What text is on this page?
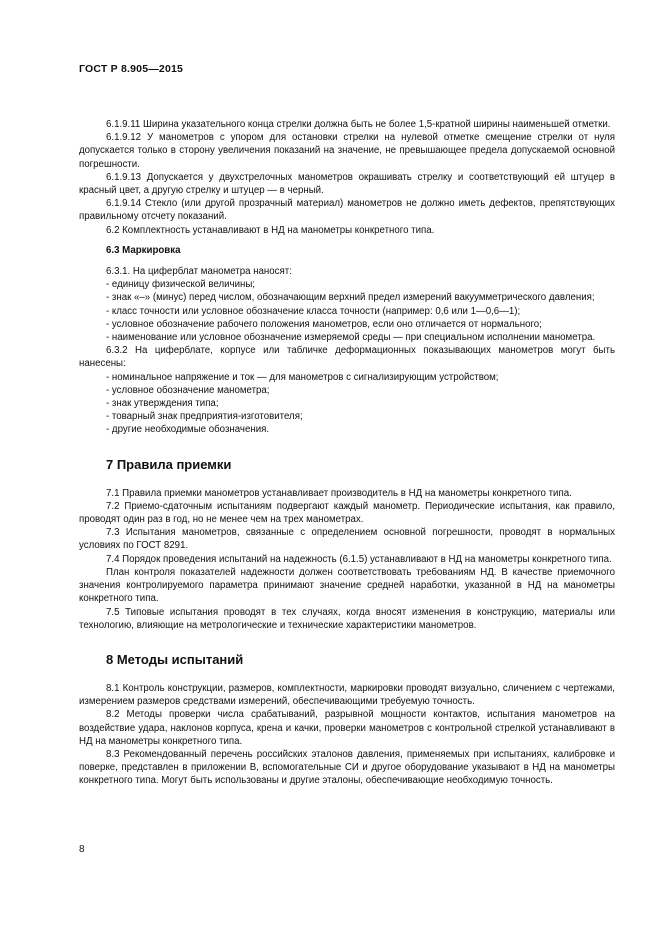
ГОСТ Р 8.905—2015

6.1.9.11 Ширина указательного конца стрелки должна быть не более 1,5-кратной ширины наименьшей отметки.

6.1.9.12 У манометров с упором для остановки стрелки на нулевой отметке смещение стрелки от нуля допускается только в сторону увеличения показаний на значение, не превышающее предела допускаемой основной погрешности.

6.1.9.13 Допускается у двухстрелочных манометров окрашивать стрелку и соответствующий ей штуцер в красный цвет, а другую стрелку и штуцер — в черный.

6.1.9.14 Стекло (или другой прозрачный материал) манометров не должно иметь дефектов, препятствующих правильному отсчету показаний.

6.2 Комплектность устанавливают в НД на манометры конкретного типа.

6.3 Маркировка

6.3.1. На циферблат манометра наносят:

- единицу физической величины;

- знак «–» (минус) перед числом, обозначающим верхний предел измерений вакуумметрического давления;

- класс точности или условное обозначение класса точности (например: 0,6 или 1—0,6—1);

- условное обозначение рабочего положения манометров, если оно отличается от нормального;

- наименование или условное обозначение измеряемой среды — при специальном исполнении манометра.

6.3.2 На циферблате, корпусе или табличке деформационных показывающих манометров могут быть нанесены:

- номинальное напряжение и ток — для манометров с сигнализирующим устройством;

- условное обозначение манометра;

- знак утверждения типа;

- товарный знак предприятия-изготовителя;

- другие необходимые обозначения.

7 Правила приемки

7.1 Правила приемки манометров устанавливает производитель в НД на манометры конкретного типа.

7.2 Приемо-сдаточным испытаниям подвергают каждый манометр. Периодические испытания, как правило, проводят один раз в год, но не менее чем на трех манометрах.

7.3 Испытания манометров, связанные с определением основной погрешности, проводят в нормальных условиях по ГОСТ 8291.

7.4 Порядок проведения испытаний на надежность (6.1.5) устанавливают в НД на манометры конкретного типа.

План контроля показателей надежности должен соответствовать требованиям НД. В качестве приемочного значения контролируемого параметра принимают значение средней наработки, указанной в НД на манометры конкретного типа.

7.5 Типовые испытания проводят в тех случаях, когда вносят изменения в конструкцию, материалы или технологию, влияющие на метрологические и технические характеристики манометров.

8 Методы испытаний

8.1 Контроль конструкции, размеров, комплектности, маркировки проводят визуально, сличением с чертежами, измерением размеров средствами измерений, обеспечивающими требуемую точность.

8.2 Методы проверки числа срабатываний, разрывной мощности контактов, испытания манометров на воздействие удара, наклонов корпуса, крена и качки, проверки манометров с контрольной стрелкой устанавливают в НД на манометры конкретного типа.

8.3 Рекомендованный перечень российских эталонов давления, применяемых при испытаниях, калибровке и поверке, представлен в приложении В, вспомогательные СИ и другое оборудование указывают в НД на манометры конкретного типа. Могут быть использованы и другие эталоны, обеспечивающие необходимую точность.

8
